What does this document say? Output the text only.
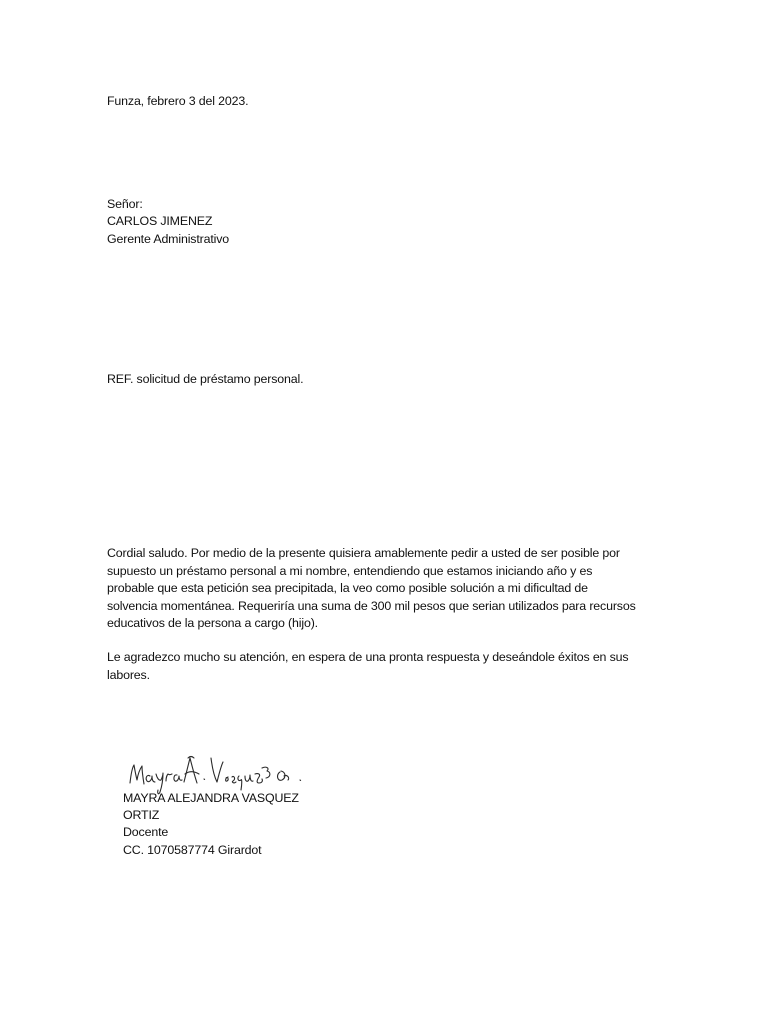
Funza, febrero 3 del 2023.

Señor:

CARLOS JIMENEZ

Gerente Administrativo

REF. solicitud de préstamo personal.

Cordial saludo. Por medio de la presente quisiera amablemente pedir a usted de ser posible por
supuesto un préstamo personal a mi nombre, entendiendo que estamos iniciando año y es
probable que esta petición sea precipitada, la veo como posible solución a mi dificultad de
solvencia momentánea. Requeriría una suma de 300 mil pesos que serian utilizados para recursos
educativos de la persona a cargo (hijo).
Le agradezco mucho su atención, en espera de una pronta respuesta y deseándole éxitos en sus
labores.

MAYRA ALEJANDRA VASQUEZ

ORTIZ

Docente

CC. 1070587774 Girardot
